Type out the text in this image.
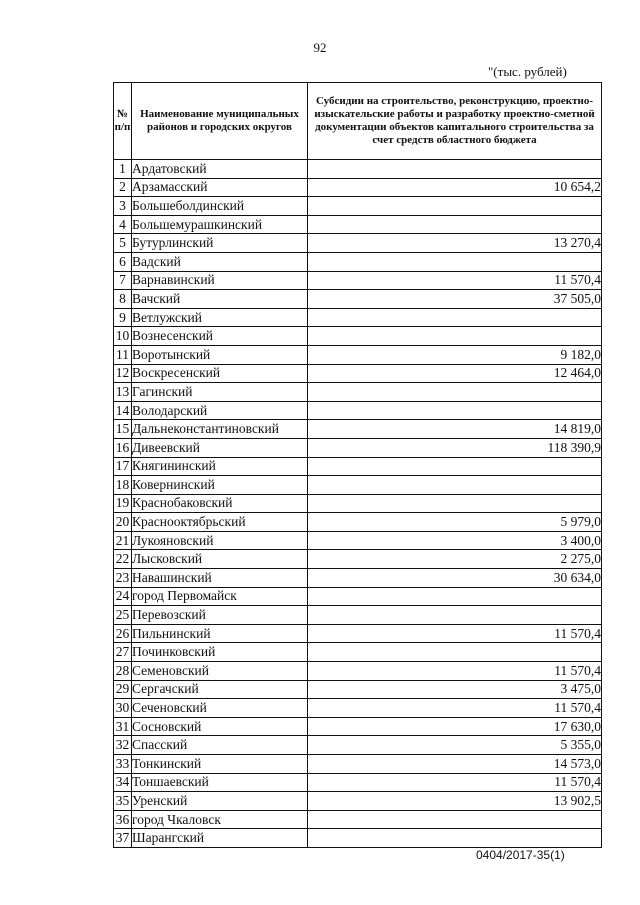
92
"(тыс. рублей)
№ п/п	Наименование муниципальных районов и городских округов	Субсидии на строительство, реконструкцию, проектно-изыскательские работы и разработку проектно-сметной документации объектов капитального строительства за счет средств областного бюджета
1	Ардатовский	
2	Арзамасский	10 654,2
3	Большеболдинский	
4	Большемурашкинский	
5	Бутурлинский	13 270,4
6	Вадский	
7	Варнавинский	11 570,4
8	Вачский	37 505,0
9	Ветлужский	
10	Вознесенский	
11	Воротынский	9 182,0
12	Воскресенский	12 464,0
13	Гагинский	
14	Володарский	
15	Дальнеконстантиновский	14 819,0
16	Дивеевский	118 390,9
17	Княгининский	
18	Ковернинский	
19	Краснобаковский	
20	Краснооктябрьский	5 979,0
21	Лукояновский	3 400,0
22	Лысковский	2 275,0
23	Навашинский	30 634,0
24	город Первомайск	
25	Перевозский	
26	Пильнинский	11 570,4
27	Починковский	
28	Семеновский	11 570,4
29	Сергачский	3 475,0
30	Сеченовский	11 570,4
31	Сосновский	17 630,0
32	Спасский	5 355,0
33	Тонкинский	14 573,0
34	Тоншаевский	11 570,4
35	Уренский	13 902,5
36	город Чкаловск	
37	Шарангский	
0404/2017-35(1)
